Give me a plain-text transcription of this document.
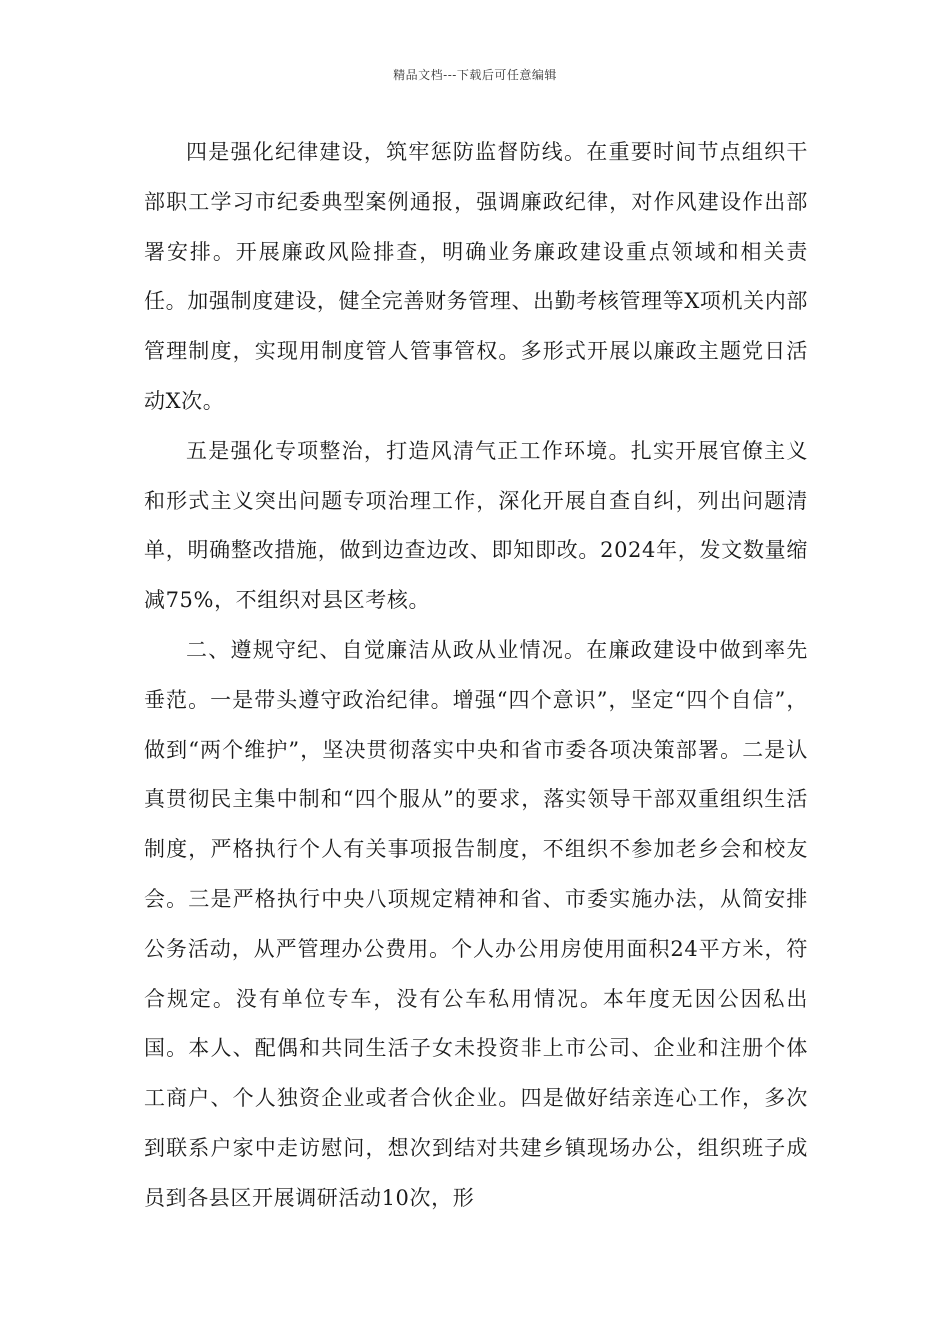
精品文档---下载后可任意编辑

四是强化纪律建设，筑牢惩防监督防线。在重要时间节点组织干部职工学习市纪委典型案例通报，强调廉政纪律，对作风建设作出部署安排。开展廉政风险排查，明确业务廉政建设重点领域和相关责任。加强制度建设，健全完善财务管理、出勤考核管理等X项机关内部管理制度，实现用制度管人管事管权。多形式开展以廉政主题党日活动X次。

五是强化专项整治，打造风清气正工作环境。扎实开展官僚主义和形式主义突出问题专项治理工作，深化开展自查自纠，列出问题清单，明确整改措施，做到边查边改、即知即改。2024年，发文数量缩减75%，不组织对县区考核。

二、遵规守纪、自觉廉洁从政从业情况。在廉政建设中做到率先垂范。一是带头遵守政治纪律。增强“四个意识”，坚定“四个自信”，做到“两个维护”，坚决贯彻落实中央和省市委各项决策部署。二是认真贯彻民主集中制和“四个服从”的要求，落实领导干部双重组织生活制度，严格执行个人有关事项报告制度，不组织不参加老乡会和校友会。三是严格执行中央八项规定精神和省、市委实施办法，从简安排公务活动，从严管理办公费用。个人办公用房使用面积24平方米，符合规定。没有单位专车，没有公车私用情况。本年度无因公因私出国。本人、配偶和共同生活子女未投资非上市公司、企业和注册个体工商户、个人独资企业或者合伙企业。四是做好结亲连心工作，多次到联系户家中走访慰问，想次到结对共建乡镇现场办公，组织班子成员到各县区开展调研活动10次，形
